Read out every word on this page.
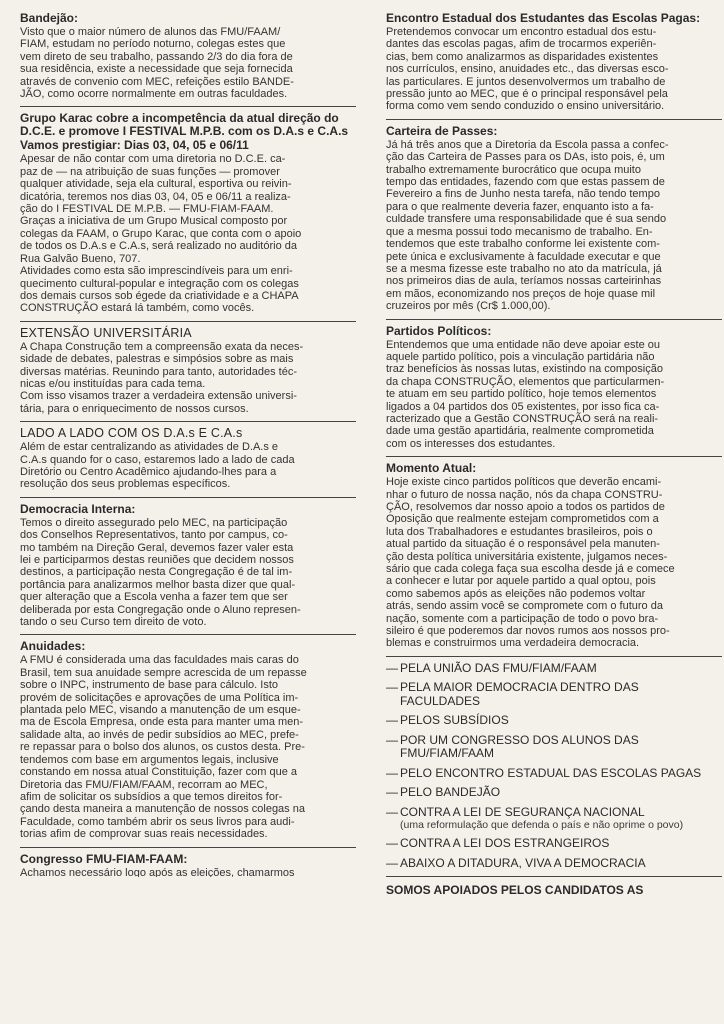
Bandejão:
Visto que o maior número de alunos das FMU/FAAM/
FIAM, estudam no período noturno, colegas estes que
vem direto de seu trabalho, passando 2/3 do dia fora de
sua residência, existe a necessidade que seja fornecida
através de convenio com MEC, refeições estilo BANDE-
JÃO, como ocorre normalmente em outras faculdades.
Grupo Karac cobre a incompetência da atual direção do D.C.E. e promove I FESTIVAL M.P.B. com os D.A.s e C.A.s
Vamos prestigiar: Dias 03, 04, 05 e 06/11
Apesar de não contar com uma diretoria no D.C.E. ca-
paz de — na atribuição de suas funções — promover
qualquer atividade, seja ela cultural, esportiva ou reivin-
dicatória, teremos nos dias 03, 04, 05 e 06/11 a realiza-
ção do I FESTIVAL DE M.P.B. — FMU-FIAM-FAAM.
Graças a iniciativa de um Grupo Musical composto por
colegas da FAAM, o Grupo Karac, que conta com o apoio
de todos os D.A.s e C.A.s, será realizado no auditório da
Rua Galvão Bueno, 707.
Atividades como esta são imprescindíveis para um enri-
quecimento cultural-popular e integração com os colegas
dos demais cursos sob égede da criatividade e a CHAPA
CONSTRUÇÃO estará lá também, como vocês.
EXTENSÃO UNIVERSITÁRIA
A Chapa Construção tem a compreensão exata da neces-
sidade de debates, palestras e simpósios sobre as mais
diversas matérias. Reunindo para tanto, autoridades téc-
nicas e/ou instituídas para cada tema.
Com isso visamos trazer a verdadeira extensão universi-
tária, para o enriquecimento de nossos cursos.
LADO A LADO COM OS D.A.s E C.A.s
Além de estar centralizando as atividades de D.A.s e
C.A.s quando for o caso, estaremos lado a lado de cada
Diretório ou Centro Acadêmico ajudando-lhes para a
resolução dos seus problemas específicos.
Democracia Interna:
Temos o direito assegurado pelo MEC, na participação
dos Conselhos Representativos, tanto por campus, co-
mo também na Direção Geral, devemos fazer valer esta
lei e participarmos destas reuniões que decidem nossos
destinos, a participação nesta Congregação é de tal im-
portância para analizarmos melhor basta dizer que qual-
quer alteração que a Escola venha a fazer tem que ser
deliberada por esta Congregação onde o Aluno represen-
tando o seu Curso tem direito de voto.
Anuidades:
A FMU é considerada uma das faculdades mais caras do
Brasil, tem sua anuidade sempre acrescida de um repasse
sobre o INPC, instrumento de base para cálculo. Isto
provém de solicitações e aprovações de uma Política im-
plantada pelo MEC, visando a manutenção de um esque-
ma de Escola Empresa, onde esta para manter uma men-
salidade alta, ao invés de pedir subsídios ao MEC, prefe-
re repassar para o bolso dos alunos, os custos desta. Pre-
tendemos com base em argumentos legais, inclusive
constando em nossa atual Constituição, fazer com que a
Diretoria das FMU/FIAM/FAAM, recorram ao MEC,
afim de solicitar os subsídios a que temos direitos for-
çando desta maneira a manutenção de nossos colegas na
Faculdade, como também abrir os seus livros para audi-
torias afim de comprovar suas reais necessidades.
Congresso FMU-FIAM-FAAM:
Achamos necessário logo após as eleições, chamarmos
Encontro Estadual dos Estudantes das Escolas Pagas:
Pretendemos convocar um encontro estadual dos estu-
dantes das escolas pagas, afim de trocarmos experiên-
cias, bem como analizarmos as disparidades existentes
nos currículos, ensino, anuidades etc., das diversas esco-
las particulares. E juntos desenvolvermos um trabalho de
pressão junto ao MEC, que é o principal responsável pela
forma como vem sendo conduzido o ensino universitário.
Carteira de Passes:
Já há três anos que a Diretoria da Escola passa a confec-
ção das Carteira de Passes para os DAs, isto pois, é, um
trabalho extremamente burocrático que ocupa muito
tempo das entidades, fazendo com que estas passem de
Fevereiro a fins de Junho nesta tarefa, não tendo tempo
para o que realmente deveria fazer, enquanto isto a fa-
culdade transfere uma responsabilidade que é sua sendo
que a mesma possui todo mecanismo de trabalho. En-
tendemos que este trabalho conforme lei existente com-
pete única e exclusivamente à faculdade executar e que
se a mesma fizesse este trabalho no ato da matrícula, já
nos primeiros dias de aula, teríamos nossas carteirinhas
em mãos, economizando nos preços de hoje quase mil
cruzeiros por mês (Cr$ 1.000,00).
Partidos Políticos:
Entendemos que uma entidade não deve apoiar este ou
aquele partido político, pois a vinculação partidária não
traz benefícios às nossas lutas, existindo na composição
da chapa CONSTRUÇÃO, elementos que particularmen-
te atuam em seu partido político, hoje temos elementos
ligados a 04 partidos dos 05 existentes, por isso fica ca-
racterizado que a Gestão CONSTRUÇÃO será na reali-
dade uma gestão apartidária, realmente comprometida
com os interesses dos estudantes.
Momento Atual:
Hoje existe cinco partidos políticos que deverão encami-
nhar o futuro de nossa nação, nós da chapa CONSTRU-
ÇÃO, resolvemos dar nosso apoio a todos os partidos de
Oposição que realmente estejam comprometidos com a
luta dos Trabalhadores e estudantes brasileiros, pois o
atual partido da situação é o responsável pela manuten-
ção desta política universitária existente, julgamos neces-
sário que cada colega faça sua escolha desde já e comece
a conhecer e lutar por aquele partido a qual optou, pois
como sabemos após as eleições não podemos voltar
atrás, sendo assim você se compromete com o futuro da
nação, somente com a participação de todo o povo bra-
sileiro é que poderemos dar novos rumos aos nossos pro-
blemas e construirmos uma verdadeira democracia.
— PELA UNIÃO DAS FMU/FIAM/FAAM
— PELA MAIOR DEMOCRACIA DENTRO DAS FACULDADES
— PELOS SUBSÍDIOS
— POR UM CONGRESSO DOS ALUNOS DAS FMU/FIAM/FAAM
— PELO ENCONTRO ESTADUAL DAS ESCOLAS PAGAS
— PELO BANDEJÃO
— CONTRA A LEI DE SEGURANÇA NACIONAL
(uma reformulação que defenda o país e não oprime o povo)
— CONTRA A LEI DOS ESTRANGEIROS
— ABAIXO A DITADURA, VIVA A DEMOCRACIA
SOMOS APOIADOS PELOS CANDIDATOS AS
